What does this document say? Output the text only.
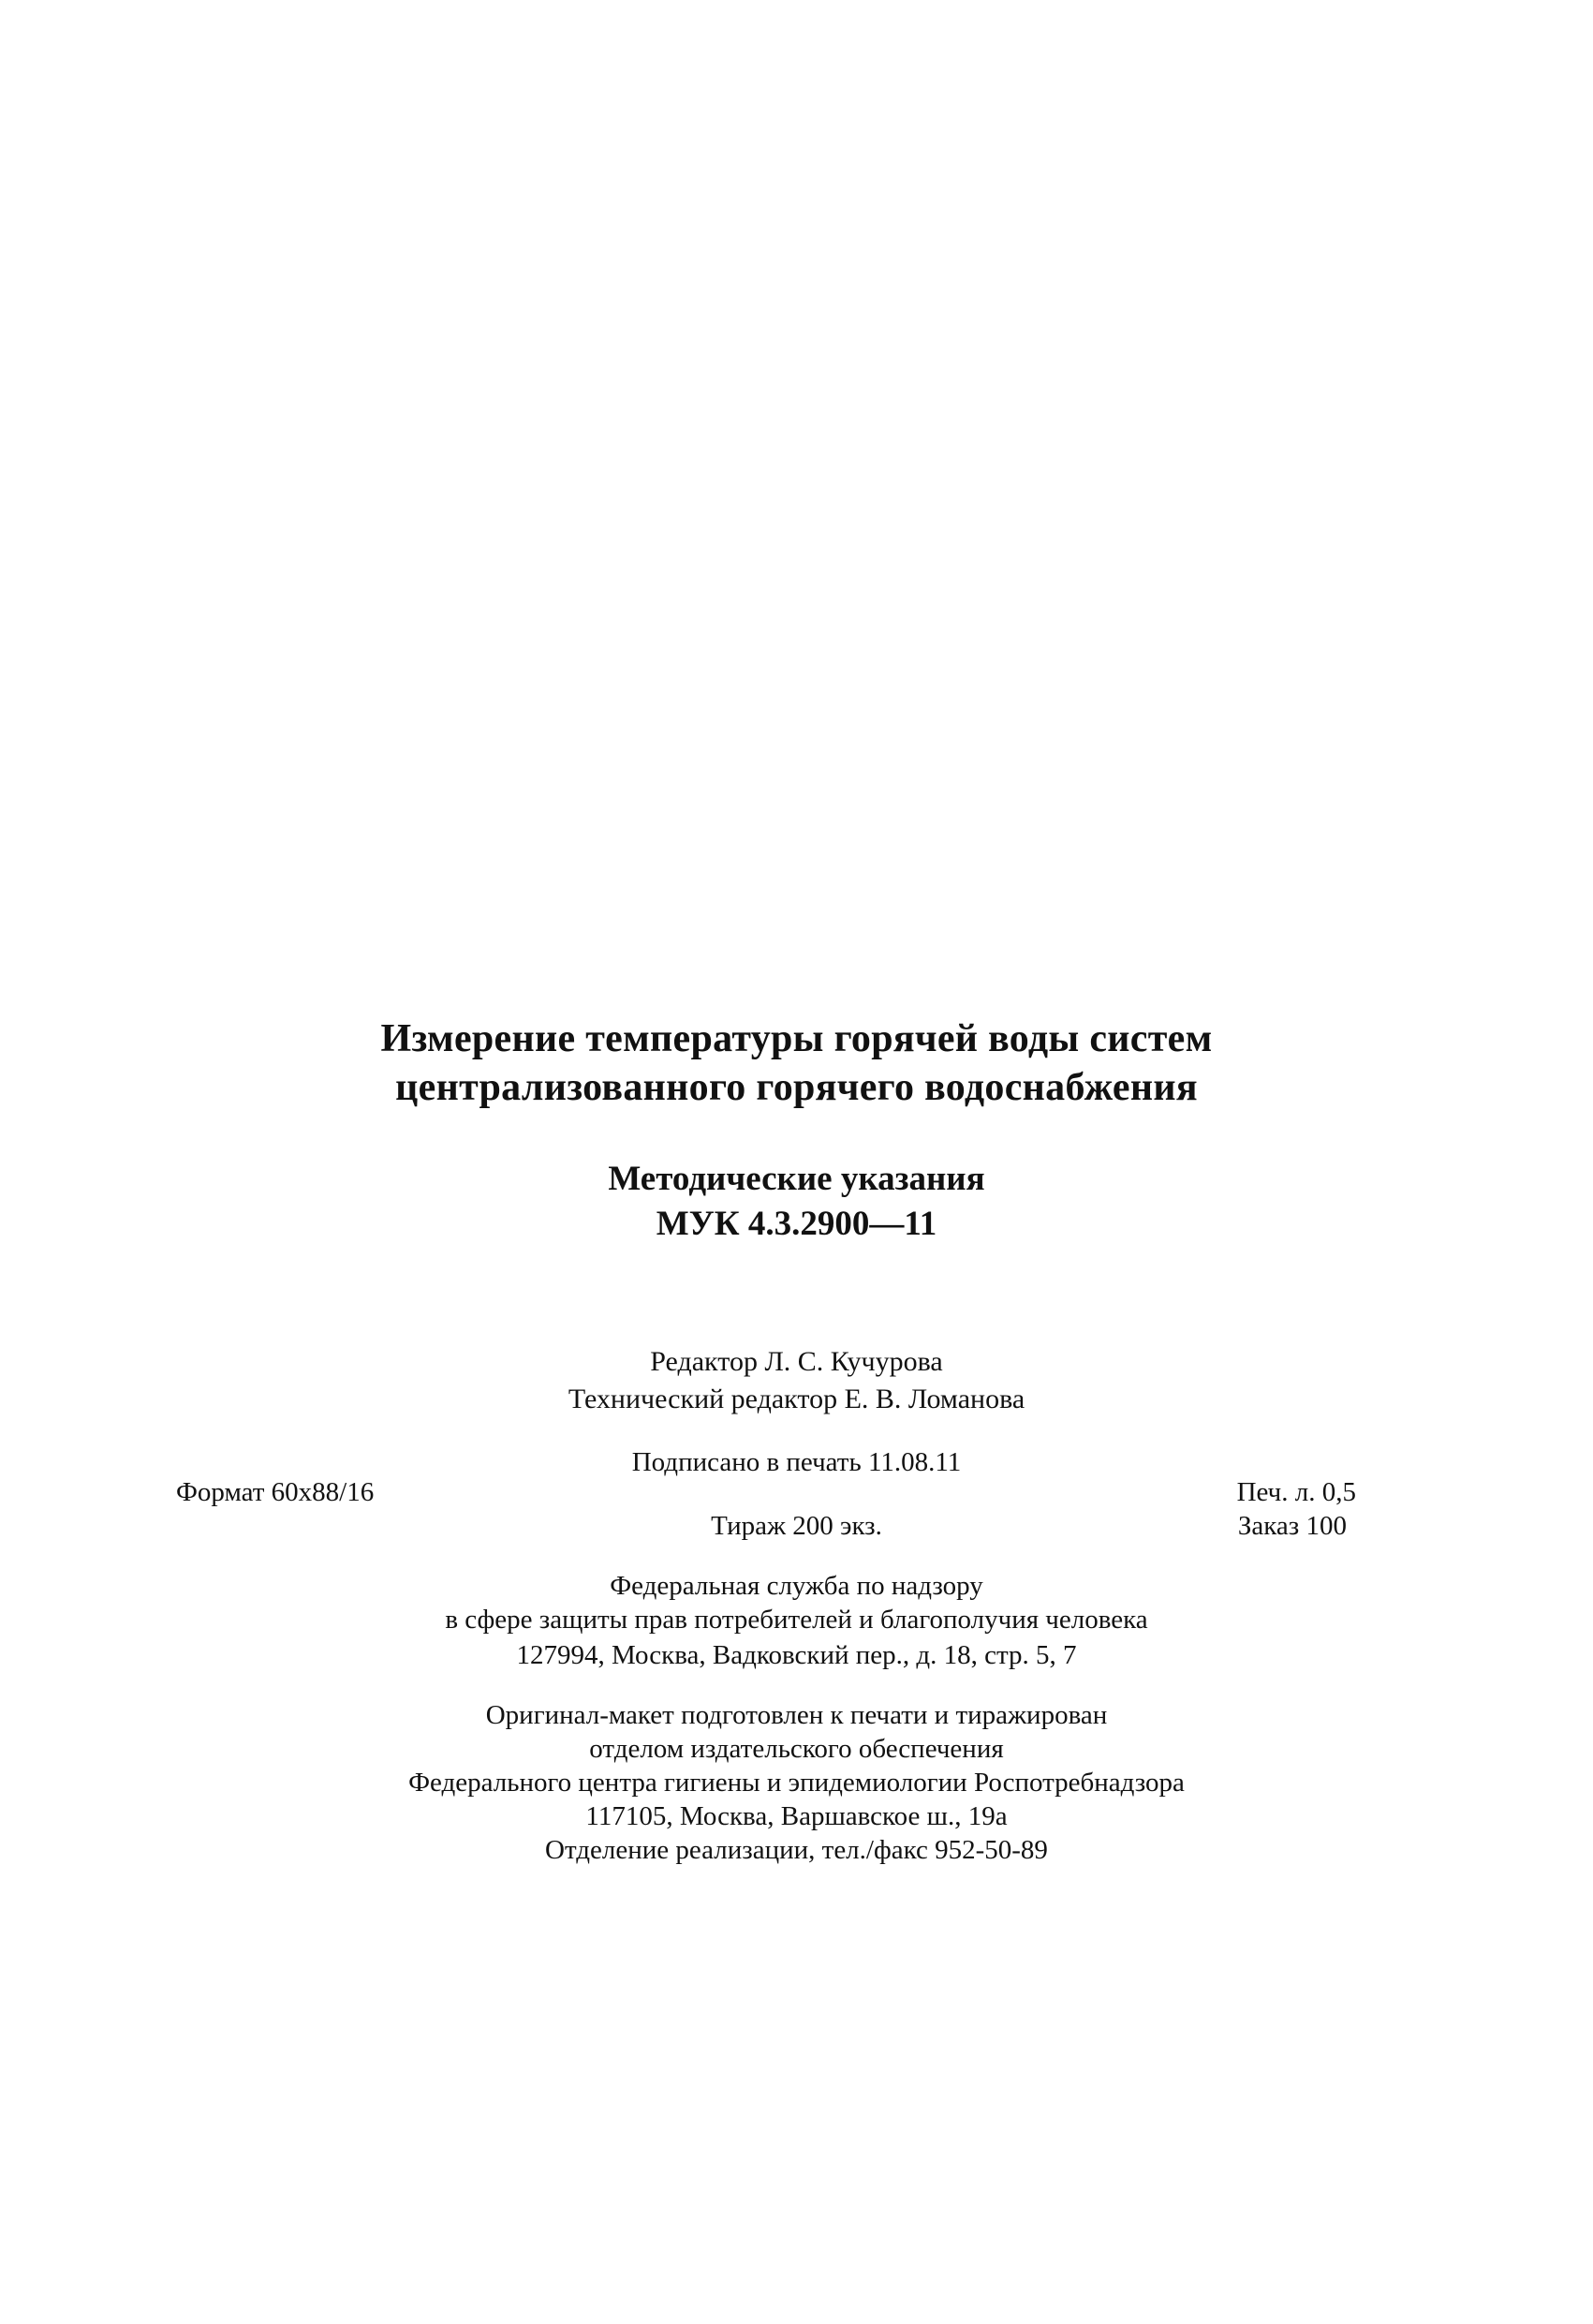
Измерение температуры горячей воды систем
централизованного горячего водоснабжения
Методические указания
МУК 4.3.2900—11
Редактор Л. С. Кучурова
Технический редактор Е. В. Ломанова
Подписано в печать 11.08.11
Формат 60x88/16	Печ. л. 0,5
Тираж 200 экз.	Заказ 100
Федеральная служба по надзору
в сфере защиты прав потребителей и благополучия человека
127994, Москва, Вадковский пер., д. 18, стр. 5, 7
Оригинал-макет подготовлен к печати и тиражирован
отделом издательского обеспечения
Федерального центра гигиены и эпидемиологии Роспотребнадзора
117105, Москва, Варшавское ш., 19а
Отделение реализации, тел./факс 952-50-89
